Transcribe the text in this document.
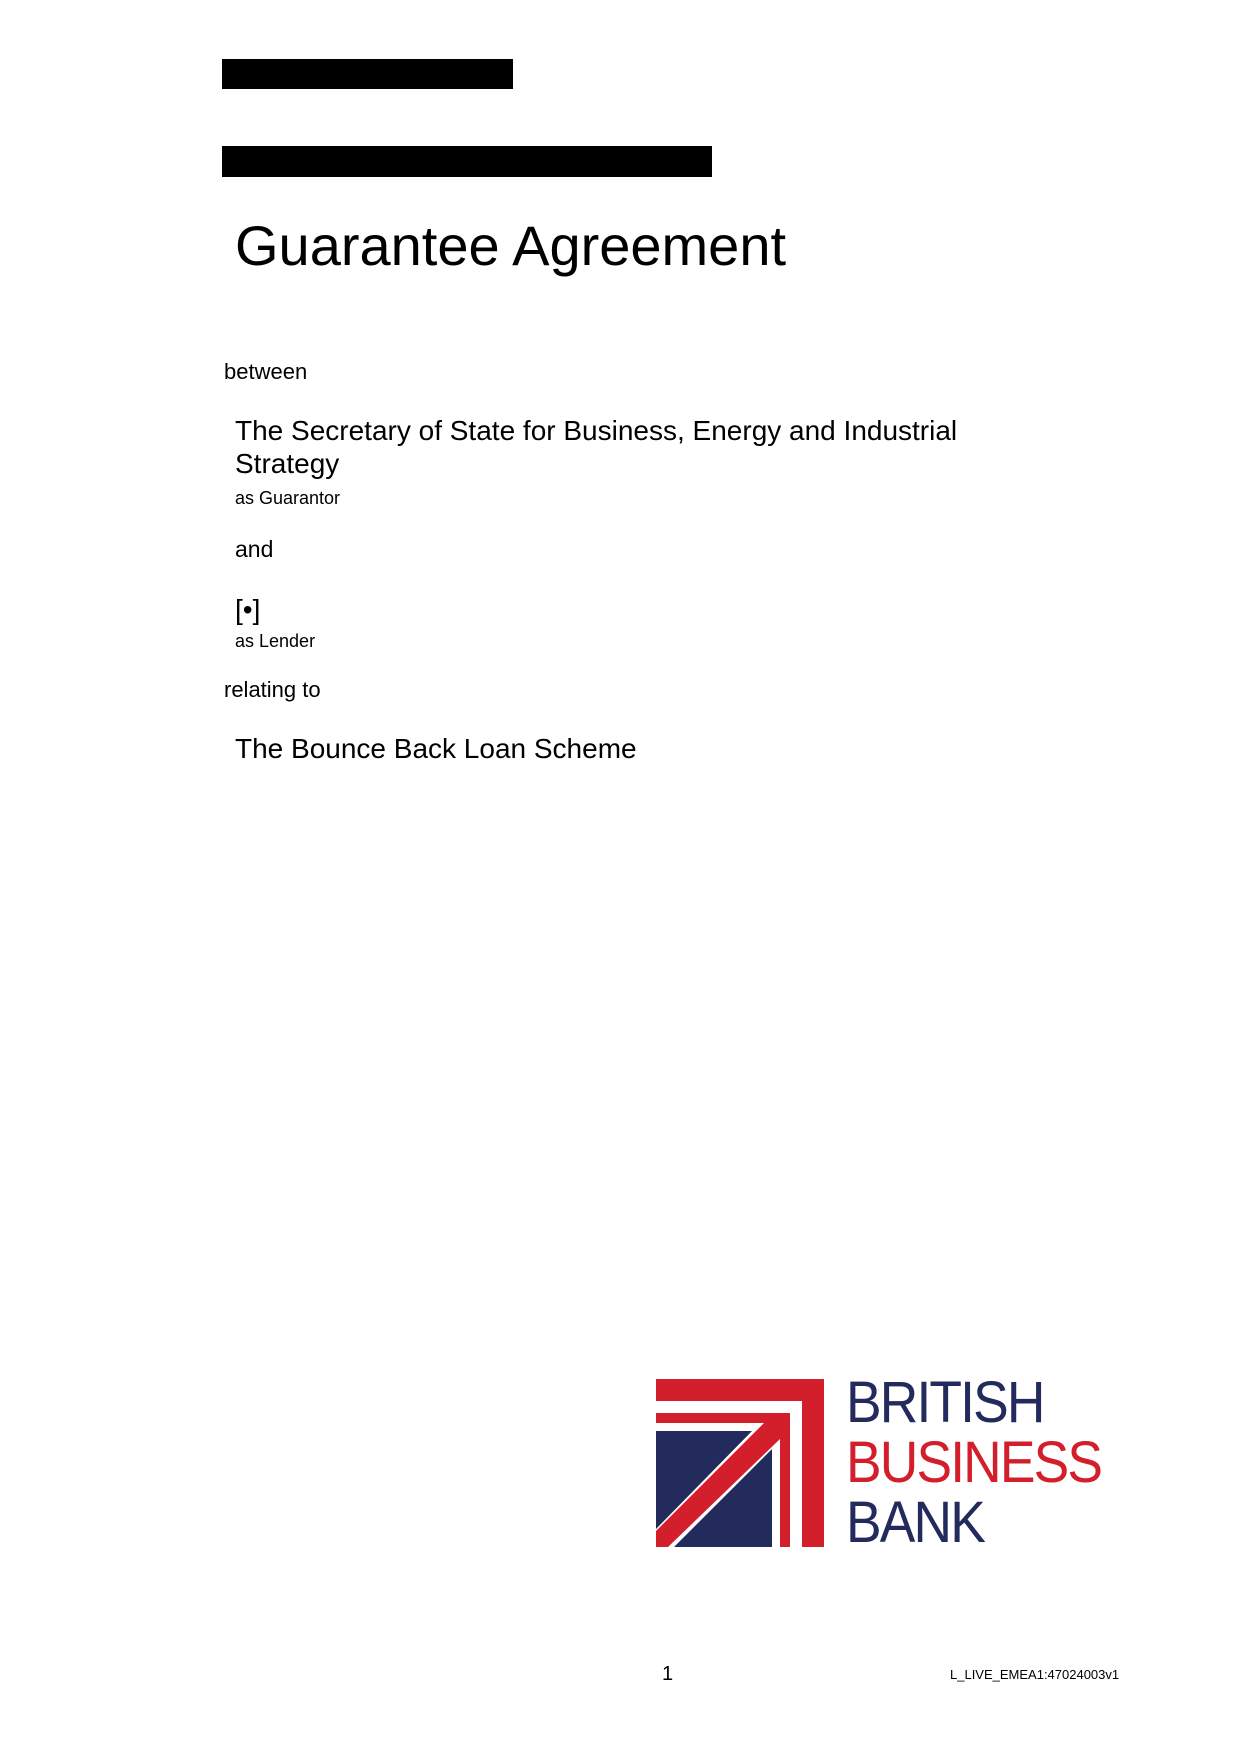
Guarantee Agreement
between
The Secretary of State for Business, Energy and Industrial Strategy
as Guarantor
and
[•]
as Lender
relating to
The Bounce Back Loan Scheme
BRITISH
BUSINESS
BANK
1	L_LIVE_EMEA1:47024003v1
